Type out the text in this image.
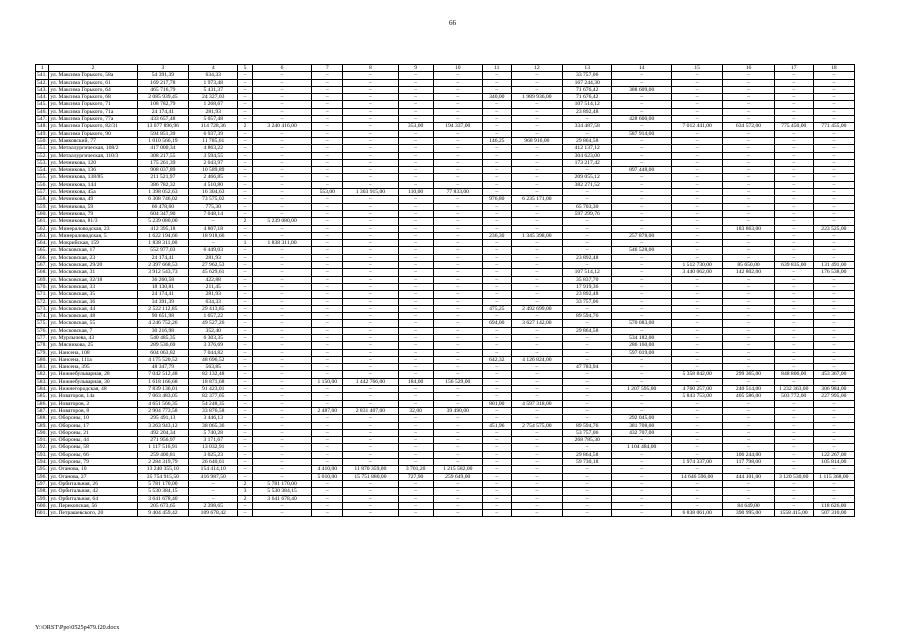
66
1	2	3	4	5	6	7	8	9	10	11	12	13	14	15	16	17	18
541.	ул. Максима Горького, 58а	54 391,39	634,33	–	–	–	–	–	–	–	–	33 757,06	–	–	–	–	–
542.	ул. Максима Горького, 61	169 217,78	1 973,48	–	–	–	–	–	–	–	–	167 244,30	–	–	–	–	–
543.	ул. Максима Горького, 64	465 716,79	5 431,37	–	–	–	–	–	–	–	–	71 676,42	388 609,00	–	–	–	–
544.	ул. Максима Горького, 68	2 085 939,45	24 327,03	–	–	–	–	–	–	340,00	1 989 936,00	71 676,42	–	–	–	–	–
545.	ул. Максима Горького, 71	108 782,79	1 268,67	–	–	–	–	–	–	–	–	107 514,12	–	–	–	–	–
546.	ул. Максима Горького, 71а	24 174,41	281,93	–	–	–	–	–	–	–	–	23 892,48	–	–	–	–	–
547.	ул. Максима Горького, 77а	433 657,48	5 057,48	–	–	–	–	–	–	–	–	–	428 600,00	–	–	–	–
548.	ул. Максима Горького, 82/31	13 077 896,96	114 728,36	2	3 240 416,00	–	–	353,00	194 337,00	–	–	334 487,58	–	7 012 441,00	634 572,00	775 450,00	771 455,00
549.	ул. Максима Горького, 90	594 851,39	6 937,39	–	–	–	–	–	–	–	–	–	587 914,00	–	–	–	–
550.	ул. Маяковский, 77	1 010 566,19	11 785,61	–	–	–	–	–	–	146,25	968 916,00	29 864,58	–	–	–	–	–
551.	ул. Металлургическая, 108/2	417 000,34	4 863,22	–	–	–	–	–	–	–	–	412 137,12	–	–	–	–	–
552.	ул. Металлургическая, 110/3	308 217,55	3 594,55	–	–	–	–	–	–	–	–	304 623,00	–	–	–	–	–
553.	ул. Мечникова, 120	175 261,39	2 043,97	–	–	–	–	–	–	–	–	173 217,42	–	–	–	–	–
554.	ул. Мечникова, 136	908 037,89	10 589,89	–	–	–	–	–	–	–	–	–	897 448,00	–	–	–	–
555.	ул. Мечникова, 138/85	211 521,97	2 466,85	–	–	–	–	–	–	–	–	209 055,12	–	–	–	–	–
556.	ул. Мечникова, 144	386 782,32	4 510,80	–	–	–	–	–	–	–	–	382 271,52	–	–	–	–	–
557.	ул. Мечникова, 45а	1 398 052,63	16 304,63	–	–	553,00	1 303 915,00	110,00	77 833,00	–	–	–	–	–	–	–	–
558.	ул. Мечникова, 49	6 308 746,02	73 575,02	–	–	–	–	–	–	976,80	6 235 171,00	–	–	–	–	–	–
559.	ул. Мечникова, 59	66 478,60	775,30	–	–	–	–	–	–	–	–	65 703,30	–	–	–	–	–
560.	ул. Мечникова, 79	604 347,90	7 048,14	–	–	–	–	–	–	–	–	597 299,76	–	–	–	–	–
561.	ул. Мечникова, 81/3	5 239 080,00	–	2	5 239 080,00	–	–	–	–	–	–	–	–	–	–	–	–
562.	ул. Минераловодская, 23	412 395,18	4 807,18	–	–	–	–	–	–	–	–	–	–	–	183 863,00	–	223 525,00
563.	ул. Минераловодская, 5	1 622 194,66	18 918,66	–	–	–	–	–	–	236,30	1 345 398,00	–	257 878,00	–	–	–	–
564.	ул. Мокрийская, 159	1 838 311,00	–	1	1 838 311,00	–	–	–	–	–	–	–	–	–	–	–	–
565.	ул. Московская, 17	552 977,03	6 449,03	–	–	–	–	–	–	–	–	–	546 528,00	–	–	–	–
566.	ул. Московская, 23	24 174,41	281,93	–	–	–	–	–	–	–	–	23 892,48	–	–	–	–	–
567.	ул. Московская, 29/20	2 397 668,53	27 962,53	–	–	–	–	–	–	–	–	–	–	1 512 730,00	85 650,00	639 835,00	131 491,00
568.	ул. Московская, 31	3 912 543,73	45 629,61	–	–	–	–	–	–	–	–	107 514,12	–	3 440 062,00	142 802,00	–	176 538,00
569.	ул. Московская, 32/18	36 260,58	422,88	–	–	–	–	–	–	–	–	35 837,70	–	–	–	–	–
570.	ул. Московская, 33	18 130,81	211,45	–	–	–	–	–	–	–	–	17 919,36	–	–	–	–	–
571.	ул. Московская, 35	24 174,41	281,93	–	–	–	–	–	–	–	–	23 892,48	–	–	–	–	–
572.	ул. Московская, 36	34 391,39	634,33	–	–	–	–	–	–	–	–	33 757,06	–	–	–	–	–
573.	ул. Московская, 44	2 522 112,85	29 413,85	–	–	–	–	–	–	475,25	2 492 699,00	–	–	–	–	–	–
574.	ул. Московская, 48	90 651,98	1 057,22	–	–	–	–	–	–	–	–	89 594,76	–	–	–	–	–
575.	ул. Московская, 55	4 246 752,26	49 527,26	–	–	–	–	–	–	694,00	3 627 142,00	–	570 083,00	–	–	–	–
576.	ул. Московская, 7	30 216,98	352,40	–	–	–	–	–	–	–	–	29 864,58	–	–	–	–	–
577.	ул. Мурлычева, 43	540 485,35	6 303,35	–	–	–	–	–	–	–	–	–	534 182,00	–	–	–	–
578.	ул. Мясникова, 25	289 536,69	3 376,69	–	–	–	–	–	–	–	–	–	286 160,00	–	–	–	–
579.	ул. Нансена, 108	604 063,82	7 044,82	–	–	–	–	–	–	–	–	–	597 019,00	–	–	–	–
580.	ул. Нансена, 111а	4 175 520,52	48 696,52	–	–	–	–	–	–	642,32	4 126 824,00	–	–	–	–	–	–
581.	ул. Нансена, 395	48 347,79	563,85	–	–	–	–	–	–	–	–	47 783,94	–	–	–	–	–
582.	ул. Нижнебульварная, 28	7 042 512,48	82 132,48	–	–	–	–	–	–	–	–	–	–	5 358 842,00	299 365,00	848 806,00	453 367,00
583.	ул. Нижнебульварная, 30	1 618 166,68	18 871,68	–	–	1 150,00	1 442 766,00	184,00	156 529,00	–	–	–	–	–	–	–	–
584.	ул. Нижнегородская, 48	7 839 136,01	91 423,01	–	–	–	–	–	–	–	–	–	1 207 595,00	4 760 257,00	240 514,00	1 232 363,00	306 984,00
585.	ул. Новаторов, 14а	7 063 483,05	82 377,05	–	–	–	–	–	–	–	–	–	–	5 843 753,00	405 586,00	503 772,00	227 995,00
586.	ул. Новаторов, 2	4 651 566,35	54 248,35	–	–	–	–	–	–	801,00	4 597 318,00	–	–	–	–	–	–
587.	ул. Новаторов, 8	2 904 773,58	33 876,58	–	–	2 487,00	2 831 407,00	32,00	39 490,00	–	–	–	–	–	–	–	–
588.	ул. Обороны, 10	295 491,13	3 446,13	–	–	–	–	–	–	–	–	–	292 045,00	–	–	–	–
589.	ул. Обороны, 17	3 263 943,12	38 065,36	–	–	–	–	–	–	451,96	2 754 575,00	89 594,76	381 708,00	–	–	–	–
590.	ул. Обороны, 21	492 204,34	5 740,28	–	–	–	–	–	–	–	–	53 757,06	432 707,00	–	–	–	–
591.	ул. Обороны, 44	271 956,97	3 171,67	–	–	–	–	–	–	–	–	268 785,30	–	–	–	–	–
592.	ул. Обороны, 58	1 117 516,91	13 032,91	–	–	–	–	–	–	–	–	–	1 104 484,00	–	–	–	–
593.	ул. Обороны, 66	259 400,81	3 025,23	–	–	–	–	–	–	–	–	29 864,58	–	–	106 244,00	–	122 267,00
594.	ул. Обороны, 79	2 284 319,79	26 640,61	–	–	–	–	–	–	–	–	59 730,18	–	1 974 337,00	117 798,00	–	105 814,00
595.	ул. Оганова, 10	13 240 355,10	154 414,10	–	–	4 410,00	11 870 359,00	3 701,20	1 215 582,00	–	–	–	–	–	–	–	–
596.	ул. Оганова, 27	35 754 915,50	416 987,50	–	–	5 010,00	15 751 880,00	727,90	259 649,00	–	–	–	–	14 646 596,00	444 101,00	3 120 530,00	1 115 368,00
597.	ул. Орбитальная, 26	5 781 170,00	–	2	5 781 170,00	–	–	–	–	–	–	–	–	–	–	–	–
598.	ул. Орбитальная, 42	5 530 384,15	–	3	5 530 384,15	–	–	–	–	–	–	–	–	–	–	–	–
599.	ул. Орбитальная, 64	3 641 678,40	–	2	3 641 678,40	–	–	–	–	–	–	–	–	–	–	–	–
600.	ул. Перекопская, 56	205 673,65	2 398,65	–	–	–	–	–	–	–	–	–	–	–	84 649,00	–	118 626,00
601.	ул. Петрашевского, 20	9 404 459,42	109 678,42	–	–	–	–	–	–	–	–	–	–	6 838 061,00	390 995,00	1558 415,00	507 310,00
Y:\ORST\Ppo\0525p479.f20.docx
